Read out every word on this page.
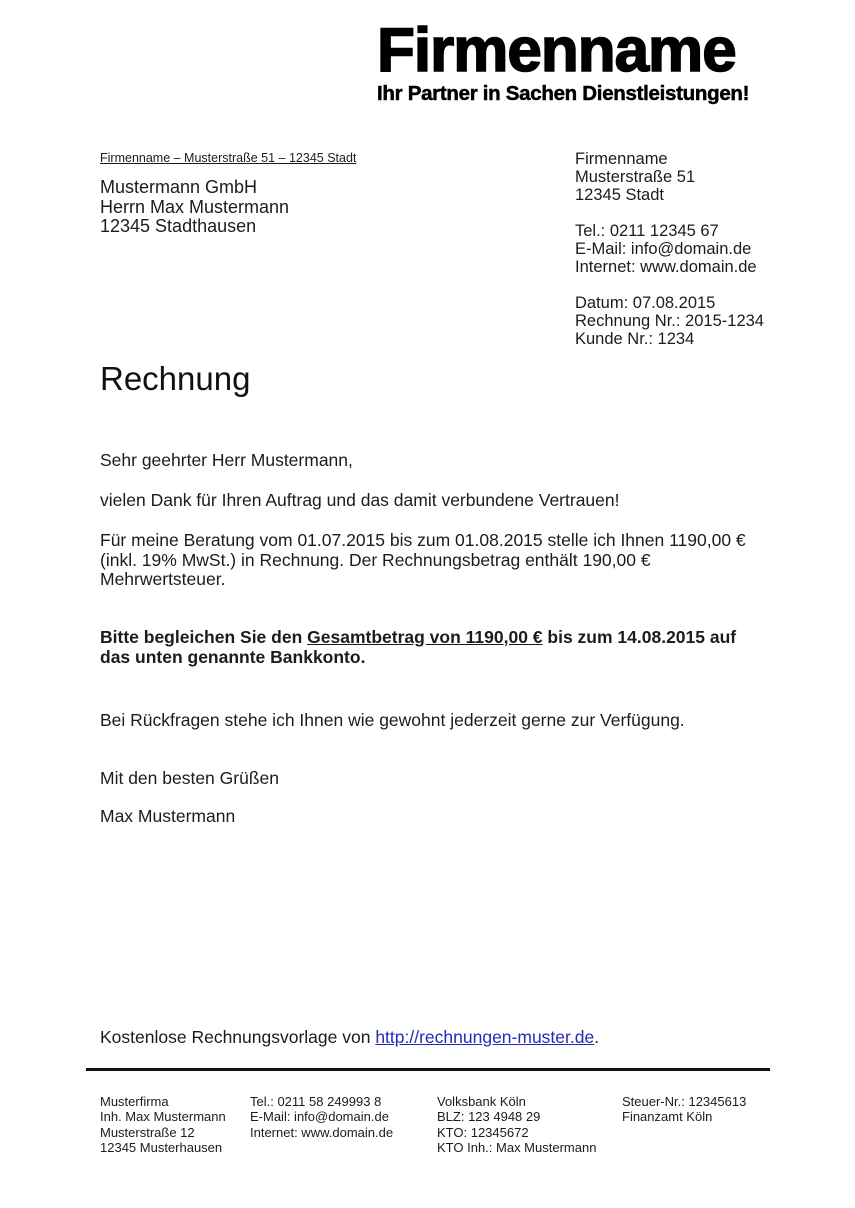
Firmenname
Ihr Partner in Sachen Dienstleistungen!
Firmenname – Musterstraße 51 – 12345 Stadt
Mustermann GmbH
Herrn Max Mustermann
12345 Stadthausen
Firmenname
Musterstraße 51
12345 Stadt
Tel.: 0211 12345 67
E-Mail: info@domain.de
Internet: www.domain.de
Datum: 07.08.2015
Rechnung Nr.: 2015-1234
Kunde Nr.: 1234
Rechnung
Sehr geehrter Herr Mustermann,
vielen Dank für Ihren Auftrag und das damit verbundene Vertrauen!
Für meine Beratung vom 01.07.2015 bis zum 01.08.2015 stelle ich Ihnen 1190,00 €
(inkl. 19% MwSt.) in Rechnung. Der Rechnungsbetrag enthält 190,00 €
Mehrwertsteuer.
Bitte begleichen Sie den Gesamtbetrag von 1190,00 € bis zum 14.08.2015 auf
das unten genannte Bankkonto.
Bei Rückfragen stehe ich Ihnen wie gewohnt jederzeit gerne zur Verfügung.
Mit den besten Grüßen
Max Mustermann
Kostenlose Rechnungsvorlage von http://rechnungen-muster.de.
Musterfirma
Inh. Max Mustermann
Musterstraße 12
12345 Musterhausen
Tel.: 0211 58 249993 8
E-Mail: info@domain.de
Internet: www.domain.de
Volksbank Köln
BLZ: 123 4948 29
KTO: 12345672
KTO Inh.: Max Mustermann
Steuer-Nr.: 12345613
Finanzamt Köln
